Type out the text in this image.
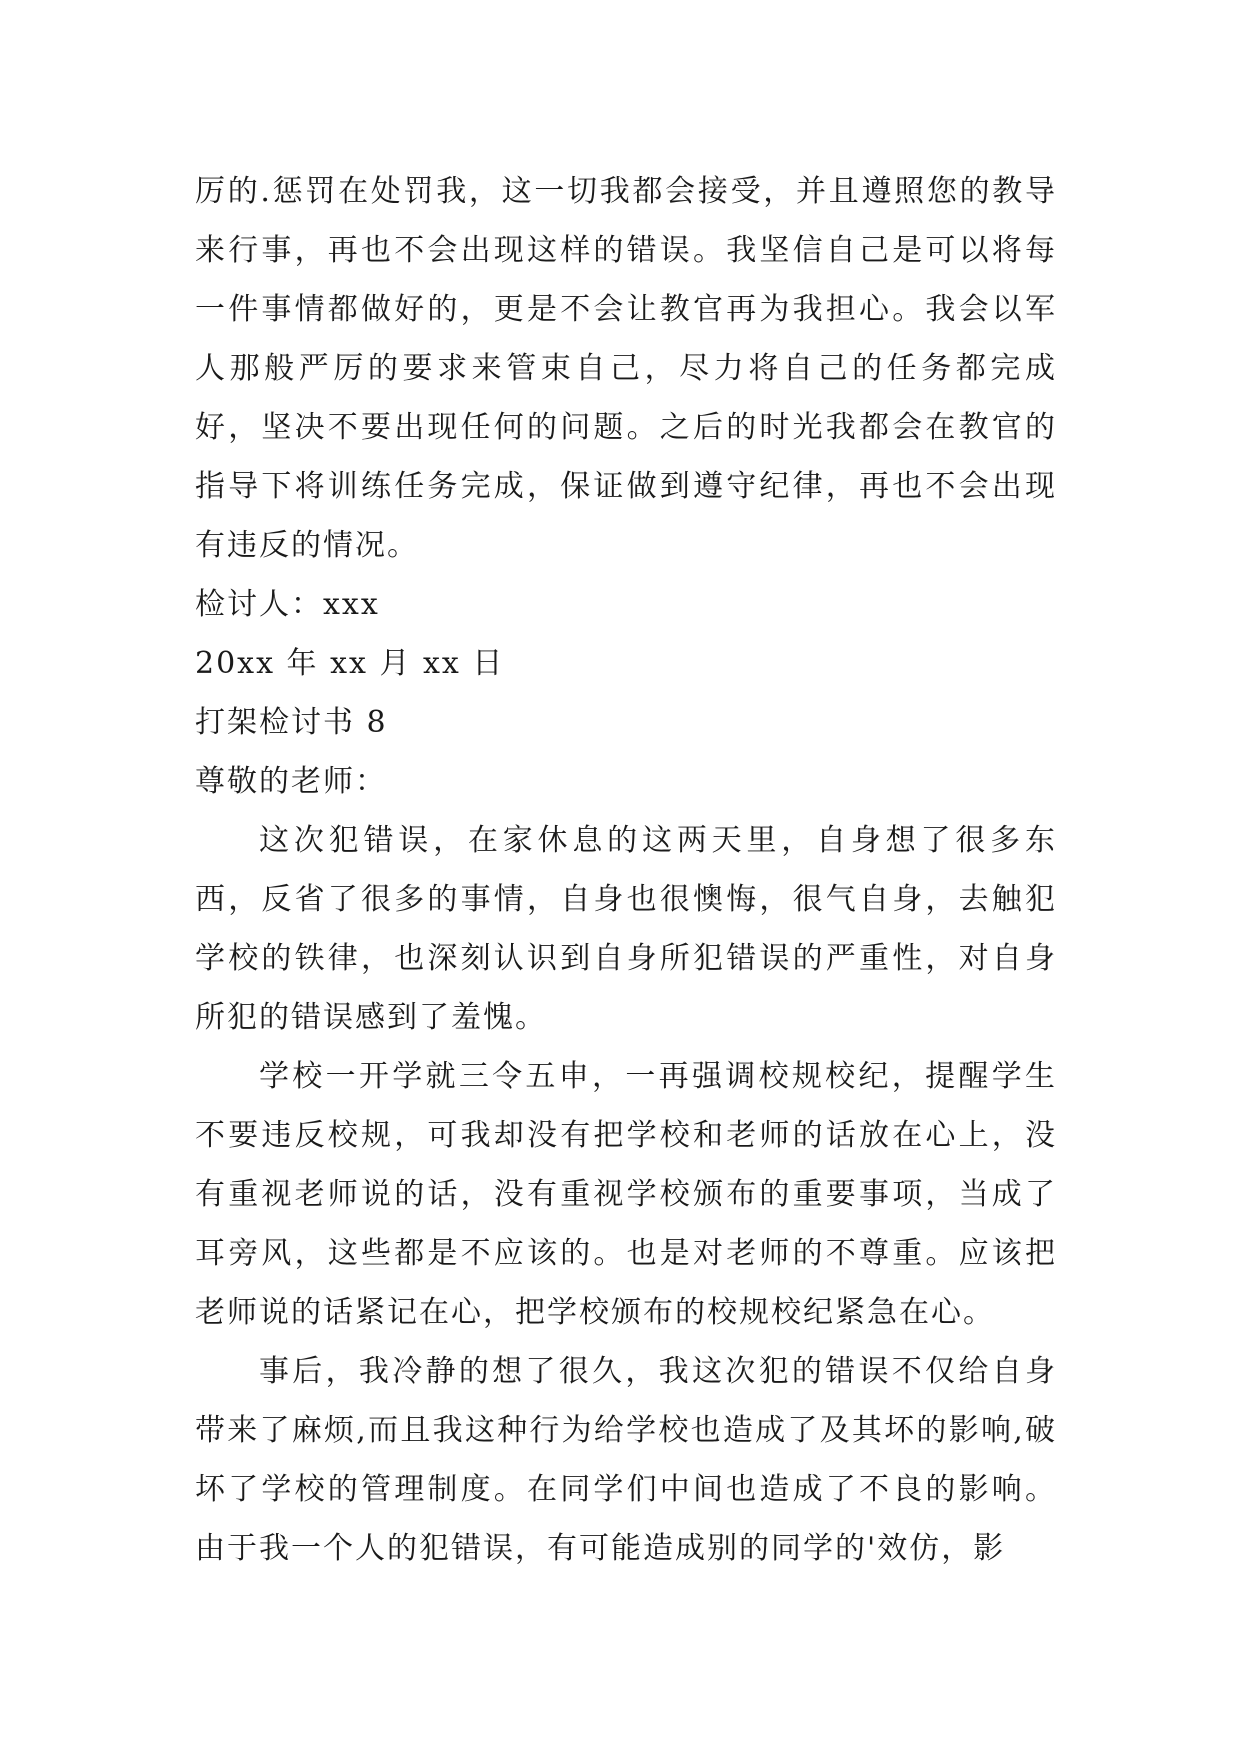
厉的.惩罚在处罚我，这一切我都会接受，并且遵照您的教导来行事，再也不会出现这样的错误。我坚信自己是可以将每一件事情都做好的，更是不会让教官再为我担心。我会以军人那般严厉的要求来管束自己，尽力将自己的任务都完成好，坚决不要出现任何的问题。之后的时光我都会在教官的指导下将训练任务完成，保证做到遵守纪律，再也不会出现有违反的情况。

检讨人：xxx

20xx 年 xx 月 xx 日

打架检讨书 8

尊敬的老师：

这次犯错误，在家休息的这两天里，自身想了很多东西，反省了很多的事情，自身也很懊悔，很气自身，去触犯学校的铁律，也深刻认识到自身所犯错误的严重性，对自身所犯的错误感到了羞愧。

学校一开学就三令五申，一再强调校规校纪，提醒学生不要违反校规，可我却没有把学校和老师的话放在心上，没有重视老师说的话，没有重视学校颁布的重要事项，当成了耳旁风，这些都是不应该的。也是对老师的不尊重。应该把老师说的话紧记在心，把学校颁布的校规校纪紧急在心。

事后，我冷静的想了很久，我这次犯的错误不仅给自身带来了麻烦,而且我这种行为给学校也造成了及其坏的影响,破坏了学校的管理制度。在同学们中间也造成了不良的影响。由于我一个人的犯错误，有可能造成别的同学的'效仿，影
